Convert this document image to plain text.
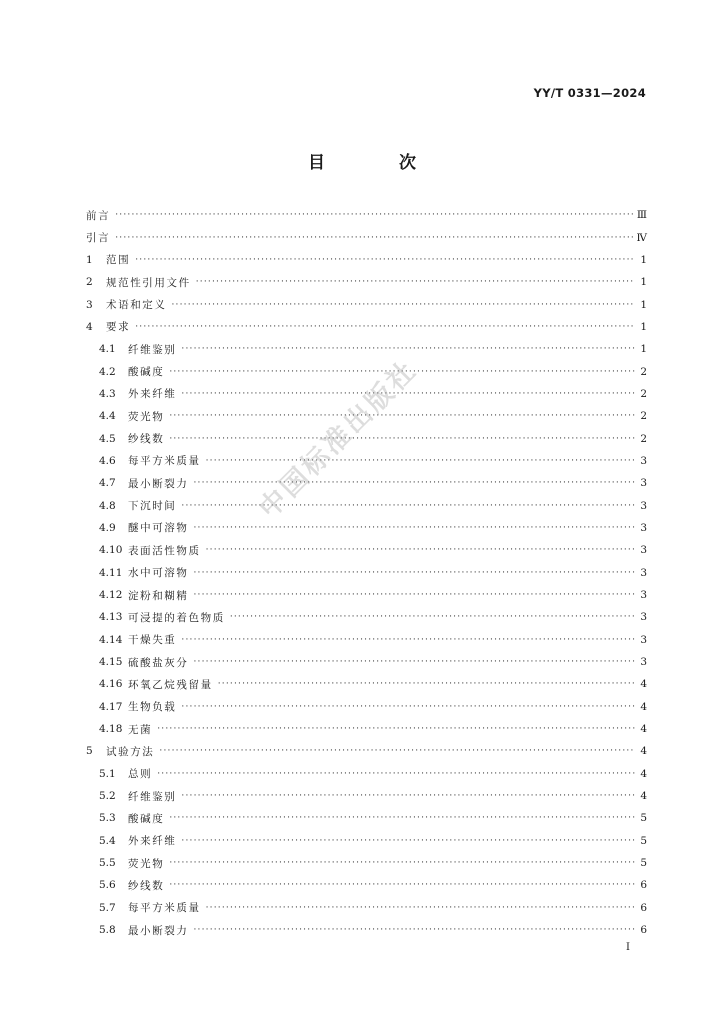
YY/T 0331—2024
目 次
前言 ·····	Ⅲ
引言 ·····	Ⅳ
1	范围 ·····	1
2	规范性引用文件 ·····	1
3	术语和定义 ·····	1
4	要求 ·····	1
4.1	纤维鉴别 ·····	1
4.2	酸碱度 ·····	2
4.3	外来纤维 ·····	2
4.4	荧光物 ·····	2
4.5	纱线数 ·····	2
4.6	每平方米质量 ·····	3
4.7	最小断裂力 ·····	3
4.8	下沉时间 ·····	3
4.9	醚中可溶物 ·····	3
4.10 表面活性物质 ·····	3
4.11 水中可溶物 ·····	3
4.12 淀粉和糊精 ·····	3
4.13 可浸提的着色物质 ·····	3
4.14 干燥失重 ·····	3
4.15 硫酸盐灰分 ·····	3
4.16 环氧乙烷残留量 ·····	4
4.17 生物负载 ·····	4
4.18 无菌 ·····	4
5	试验方法 ·····	4
5.1	总则 ·····	4
5.2	纤维鉴别 ·····	4
5.3	酸碱度 ·····	5
5.4	外来纤维 ·····	5
5.5	荧光物 ·····	5
5.6	纱线数 ·····	6
5.7	每平方米质量 ·····	6
5.8	最小断裂力 ·····	6
I
中国标准出版社
